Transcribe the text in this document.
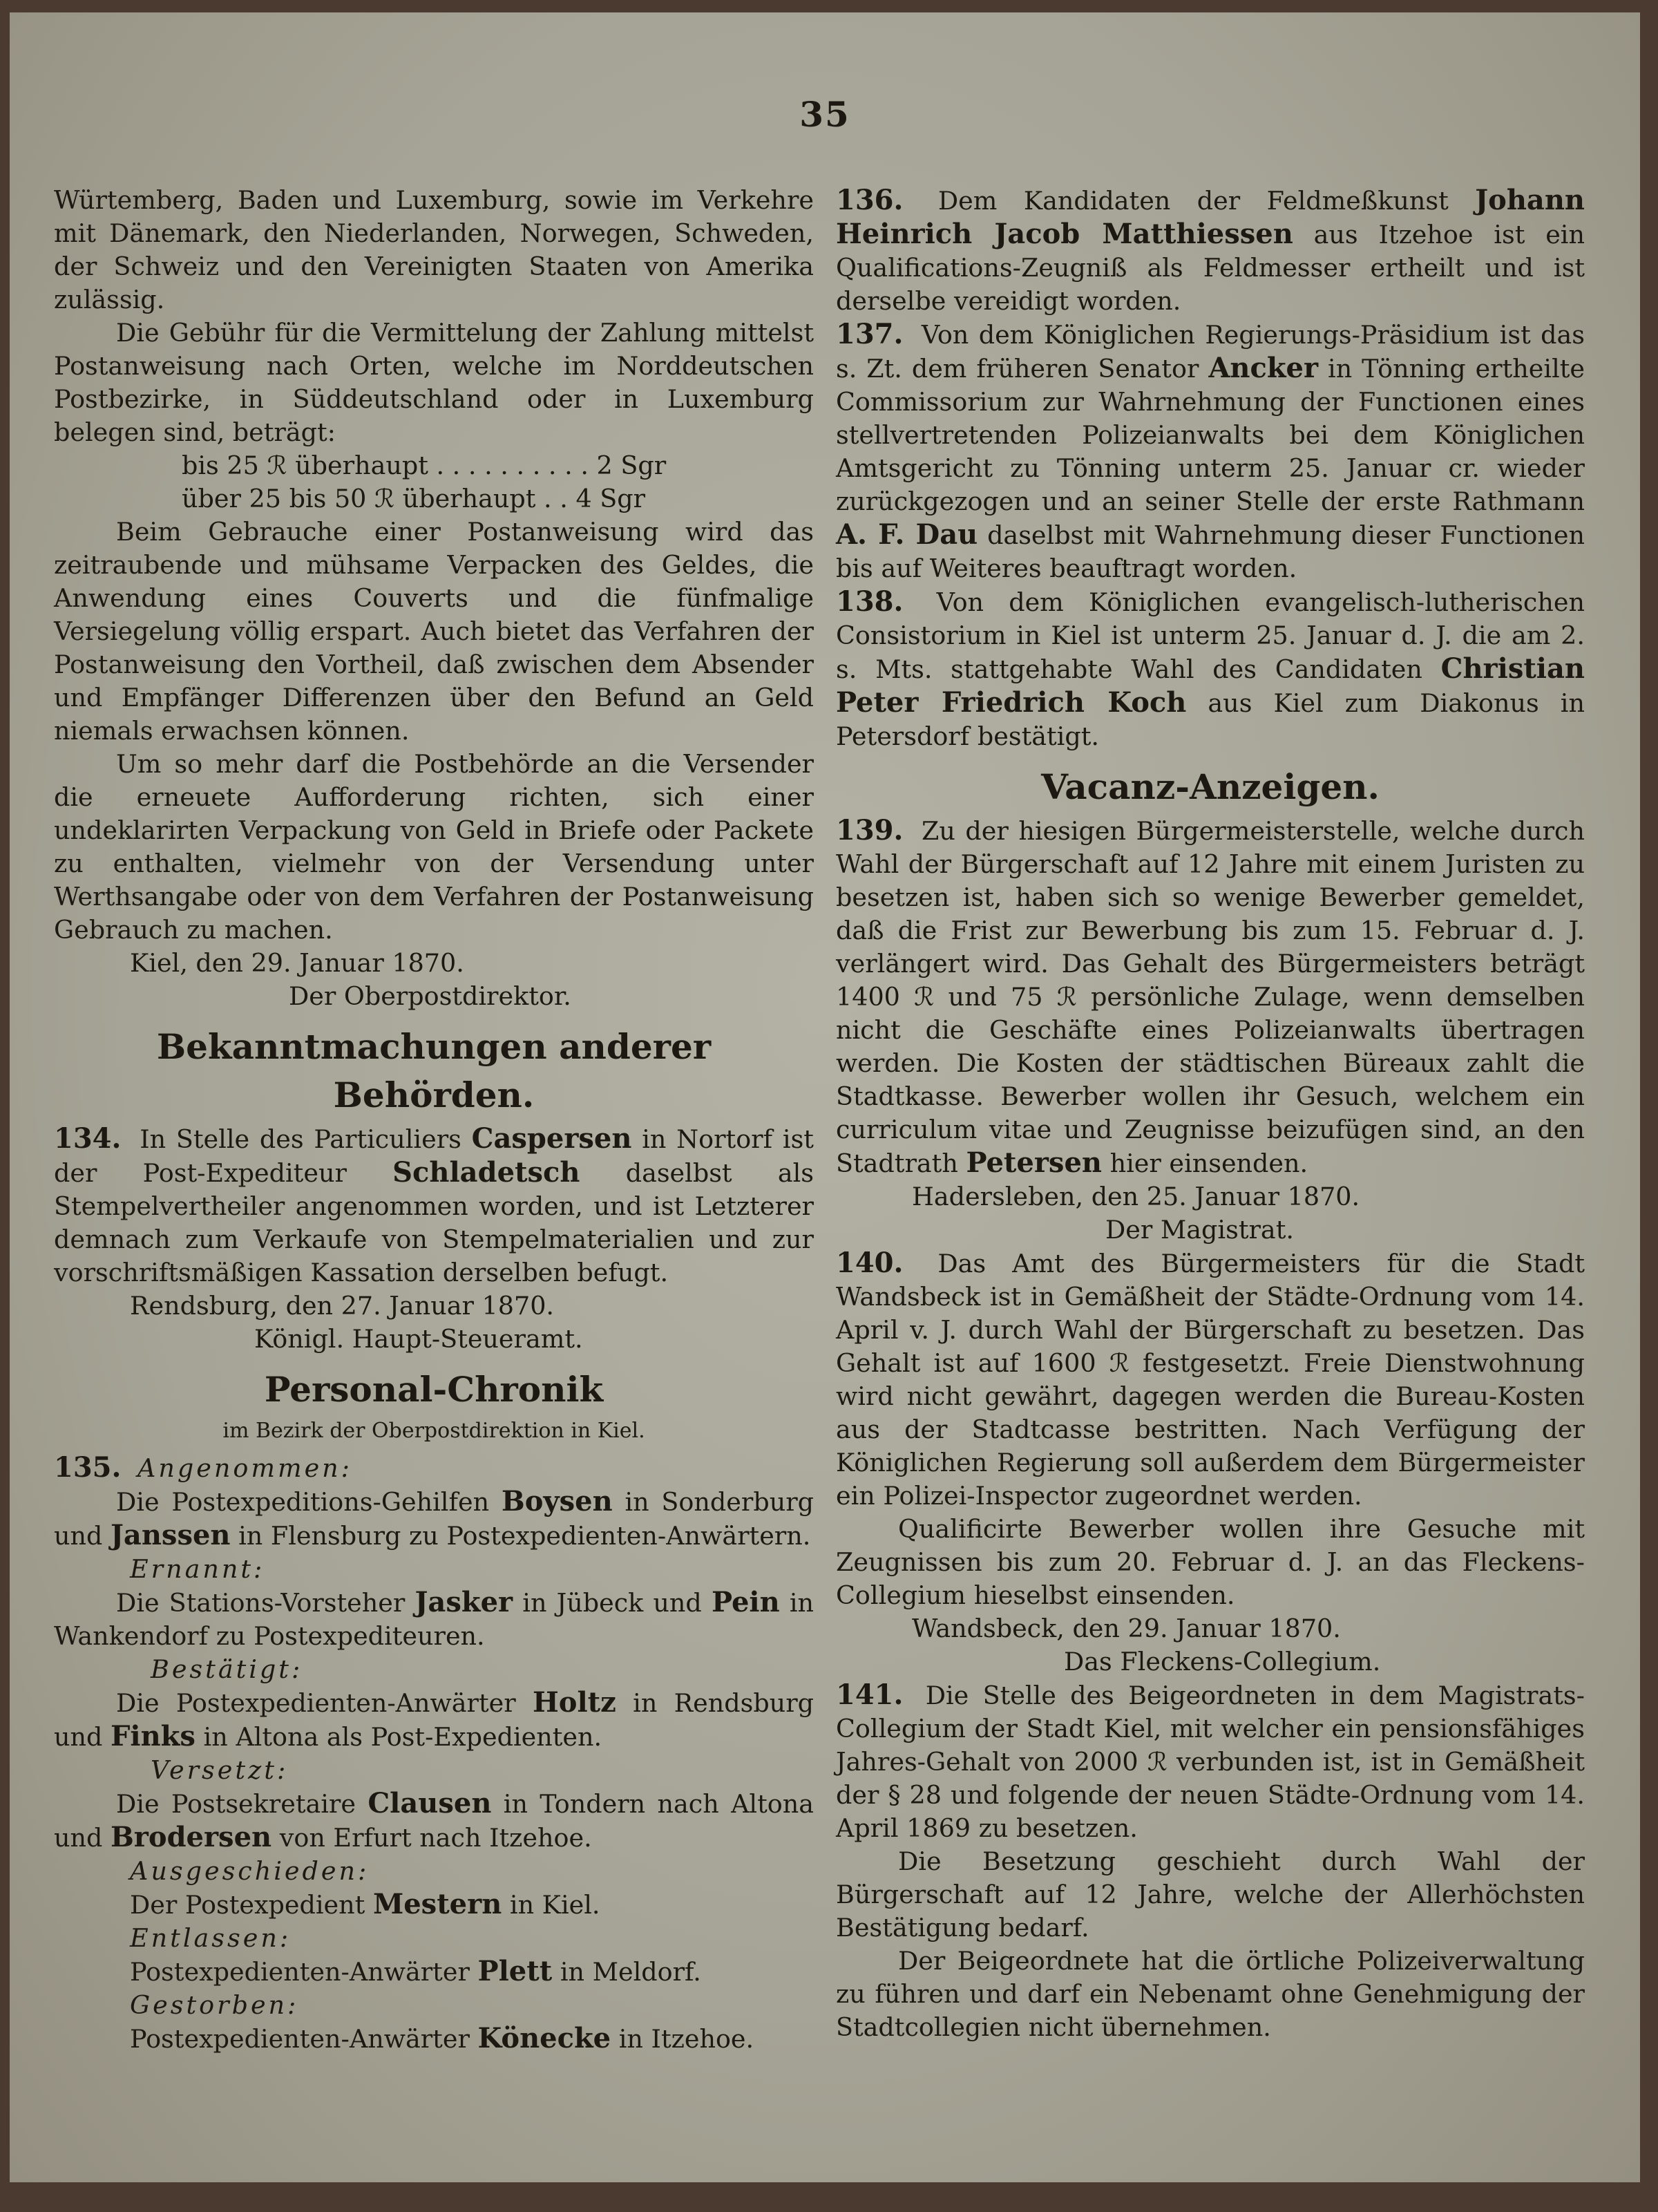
35

Würtemberg, Baden und Luxemburg, sowie im Verkehre mit Dänemark, den Niederlanden, Norwegen, Schweden, der Schweiz und den Vereinigten Staaten von Amerika zulässig.

Die Gebühr für die Vermittelung der Zahlung mittelst Postanweisung nach Orten, welche im Norddeutschen Postbezirke, in Süddeutschland oder in Luxemburg belegen sind, beträgt:

bis 25 ℛ überhaupt . . . . . . . . . . 2 Sgr

über 25 bis 50 ℛ überhaupt . . 4 Sgr

Beim Gebrauche einer Postanweisung wird das zeitraubende und mühsame Verpacken des Geldes, die Anwendung eines Couverts und die fünfmalige Versiegelung völlig erspart. Auch bietet das Verfahren der Postanweisung den Vortheil, daß zwischen dem Absender und Empfänger Differenzen über den Befund an Geld niemals erwachsen können.

Um so mehr darf die Postbehörde an die Versender die erneuete Aufforderung richten, sich einer undeklarirten Verpackung von Geld in Briefe oder Packete zu enthalten, vielmehr von der Versendung unter Werthsangabe oder von dem Verfahren der Postanweisung Gebrauch zu machen.

Kiel, den 29. Januar 1870.

Der Oberpostdirektor.

Bekanntmachungen anderer Behörden.

134. In Stelle des Particuliers Caspersen in Nortorf ist der Post-Expediteur Schladetsch daselbst als Stempelvertheiler angenommen worden, und ist Letzterer demnach zum Verkaufe von Stempelmaterialien und zur vorschriftsmäßigen Kassation derselben befugt.

Rendsburg, den 27. Januar 1870.

Königl. Haupt-Steueramt.

Personal-Chronik
im Bezirk der Oberpostdirektion in Kiel.

135. Angenommen:

Die Postexpeditions-Gehilfen Boysen in Sonderburg und Janssen in Flensburg zu Postexpedienten-Anwärtern.

Ernannt:

Die Stations-Vorsteher Jasker in Jübeck und Pein in Wankendorf zu Postexpediteuren.

Bestätigt:

Die Postexpedienten-Anwärter Holtz in Rendsburg und Finks in Altona als Post-Expedienten.

Versetzt:

Die Postsekretaire Clausen in Tondern nach Altona und Brodersen von Erfurt nach Itzehoe.

Ausgeschieden:

Der Postexpedient Mestern in Kiel.

Entlassen:

Postexpedienten-Anwärter Plett in Meldorf.

Gestorben:

Postexpedienten-Anwärter Könecke in Itzehoe.

136. Dem Kandidaten der Feldmeßkunst Johann Heinrich Jacob Matthiessen aus Itzehoe ist ein Qualifications-Zeugniß als Feldmesser ertheilt und ist derselbe vereidigt worden.

137. Von dem Königlichen Regierungs-Präsidium ist das s. Zt. dem früheren Senator Ancker in Tönning ertheilte Commissorium zur Wahrnehmung der Functionen eines stellvertretenden Polizeianwalts bei dem Königlichen Amtsgericht zu Tönning unterm 25. Januar cr. wieder zurückgezogen und an seiner Stelle der erste Rathmann A. F. Dau daselbst mit Wahrnehmung dieser Functionen bis auf Weiteres beauftragt worden.

138. Von dem Königlichen evangelisch-lutherischen Consistorium in Kiel ist unterm 25. Januar d. J. die am 2. s. Mts. stattgehabte Wahl des Candidaten Christian Peter Friedrich Koch aus Kiel zum Diakonus in Petersdorf bestätigt.

Vacanz-Anzeigen.

139. Zu der hiesigen Bürgermeisterstelle, welche durch Wahl der Bürgerschaft auf 12 Jahre mit einem Juristen zu besetzen ist, haben sich so wenige Bewerber gemeldet, daß die Frist zur Bewerbung bis zum 15. Februar d. J. verlängert wird. Das Gehalt des Bürgermeisters beträgt 1400 ℛ und 75 ℛ persönliche Zulage, wenn demselben nicht die Geschäfte eines Polizeianwalts übertragen werden. Die Kosten der städtischen Büreaux zahlt die Stadtkasse. Bewerber wollen ihr Gesuch, welchem ein curriculum vitae und Zeugnisse beizufügen sind, an den Stadtrath Petersen hier einsenden.

Hadersleben, den 25. Januar 1870.

Der Magistrat.

140. Das Amt des Bürgermeisters für die Stadt Wandsbeck ist in Gemäßheit der Städte-Ordnung vom 14. April v. J. durch Wahl der Bürgerschaft zu besetzen. Das Gehalt ist auf 1600 ℛ festgesetzt. Freie Dienstwohnung wird nicht gewährt, dagegen werden die Bureau-Kosten aus der Stadtcasse bestritten. Nach Verfügung der Königlichen Regierung soll außerdem dem Bürgermeister ein Polizei-Inspector zugeordnet werden.

Qualificirte Bewerber wollen ihre Gesuche mit Zeugnissen bis zum 20. Februar d. J. an das Fleckens-Collegium hieselbst einsenden.

Wandsbeck, den 29. Januar 1870.

Das Fleckens-Collegium.

141. Die Stelle des Beigeordneten in dem Magistrats-Collegium der Stadt Kiel, mit welcher ein pensionsfähiges Jahres-Gehalt von 2000 ℛ verbunden ist, ist in Gemäßheit der § 28 und folgende der neuen Städte-Ordnung vom 14. April 1869 zu besetzen.

Die Besetzung geschieht durch Wahl der Bürgerschaft auf 12 Jahre, welche der Allerhöchsten Bestätigung bedarf.

Der Beigeordnete hat die örtliche Polizeiverwaltung zu führen und darf ein Nebenamt ohne Genehmigung der Stadtcollegien nicht übernehmen.
